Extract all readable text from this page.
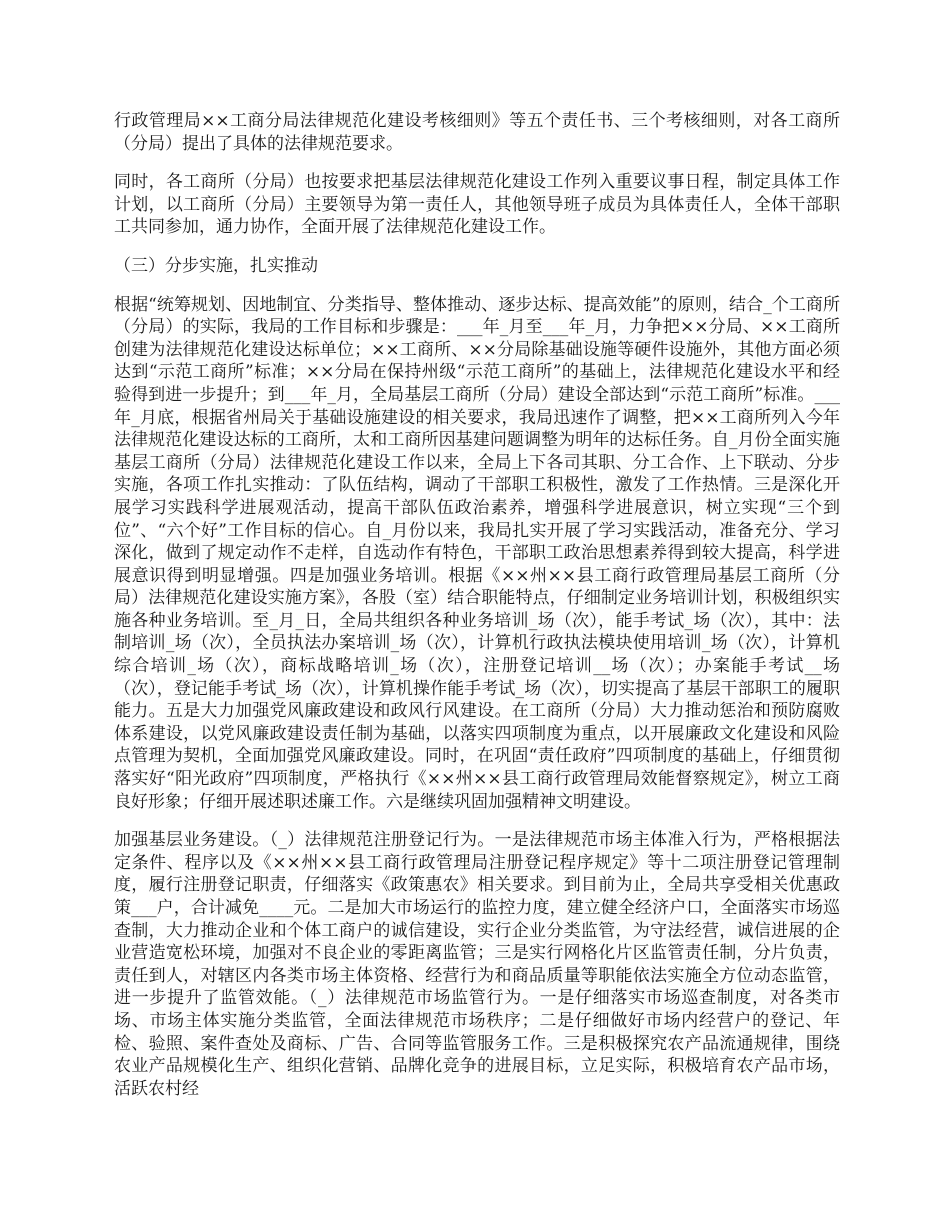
行政管理局××工商分局法律规范化建设考核细则》等五个责任书、三个考核细则，对各工商所（分局）提出了具体的法律规范要求。

同时，各工商所（分局）也按要求把基层法律规范化建设工作列入重要议事日程，制定具体工作计划，以工商所（分局）主要领导为第一责任人，其他领导班子成员为具体责任人，全体干部职工共同参加，通力协作，全面开展了法律规范化建设工作。

（三）分步实施，扎实推动

根据“统筹规划、因地制宜、分类指导、整体推动、逐步达标、提高效能”的原则，结合_个工商所（分局）的实际，我局的工作目标和步骤是：___年_月至___年_月，力争把××分局、××工商所创建为法律规范化建设达标单位；××工商所、××分局除基础设施等硬件设施外，其他方面必须达到“示范工商所”标准；××分局在保持州级“示范工商所”的基础上，法律规范化建设水平和经验得到进一步提升；到___年_月，全局基层工商所（分局）建设全部达到“示范工商所”标准。___年_月底，根据省州局关于基础设施建设的相关要求，我局迅速作了调整，把××工商所列入今年法律规范化建设达标的工商所，太和工商所因基建问题调整为明年的达标任务。自_月份全面实施基层工商所（分局）法律规范化建设工作以来，全局上下各司其职、分工合作、上下联动、分步实施，各项工作扎实推动：了队伍结构，调动了干部职工积极性，激发了工作热情。三是深化开展学习实践科学进展观活动，提高干部队伍政治素养，增强科学进展意识，树立实现“三个到位”、“六个好”工作目标的信心。自_月份以来，我局扎实开展了学习实践活动，准备充分、学习深化，做到了规定动作不走样，自选动作有特色，干部职工政治思想素养得到较大提高，科学进展意识得到明显增强。四是加强业务培训。根据《××州××县工商行政管理局基层工商所（分局）法律规范化建设实施方案》，各股（室）结合职能特点，仔细制定业务培训计划，积极组织实施各种业务培训。至_月_日，全局共组织各种业务培训_场（次），能手考试_场（次），其中：法制培训_场（次），全员执法办案培训_场（次），计算机行政执法模块使用培训_场（次），计算机综合培训_场（次），商标战略培训_场（次），注册登记培训__场（次）；办案能手考试__场（次），登记能手考试_场（次），计算机操作能手考试_场（次），切实提高了基层干部职工的履职能力。五是大力加强党风廉政建设和政风行风建设。在工商所（分局）大力推动惩治和预防腐败体系建设，以党风廉政建设责任制为基础，以落实四项制度为重点，以开展廉政文化建设和风险点管理为契机，全面加强党风廉政建设。同时，在巩固“责任政府”四项制度的基础上，仔细贯彻落实好“阳光政府”四项制度，严格执行《××州××县工商行政管理局效能督察规定》，树立工商良好形象；仔细开展述职述廉工作。六是继续巩固加强精神文明建设。

加强基层业务建设。（_）法律规范注册登记行为。一是法律规范市场主体准入行为，严格根据法定条件、程序以及《××州××县工商行政管理局注册登记程序规定》等十二项注册登记管理制度，履行注册登记职责，仔细落实《政策惠农》相关要求。到目前为止，全局共享受相关优惠政策___户，合计减免____元。二是加大市场运行的监控力度，建立健全经济户口，全面落实市场巡查制，大力推动企业和个体工商户的诚信建设，实行企业分类监管，为守法经营，诚信进展的企业营造宽松环境，加强对不良企业的零距离监管；三是实行网格化片区监管责任制，分片负责，责任到人，对辖区内各类市场主体资格、经营行为和商品质量等职能依法实施全方位动态监管，进一步提升了监管效能。（_）法律规范市场监管行为。一是仔细落实市场巡查制度，对各类市场、市场主体实施分类监管，全面法律规范市场秩序；二是仔细做好市场内经营户的登记、年检、验照、案件查处及商标、广告、合同等监管服务工作。三是积极探究农产品流通规律，围绕农业产品规模化生产、组织化营销、品牌化竞争的进展目标，立足实际，积极培育农产品市场，活跃农村经
